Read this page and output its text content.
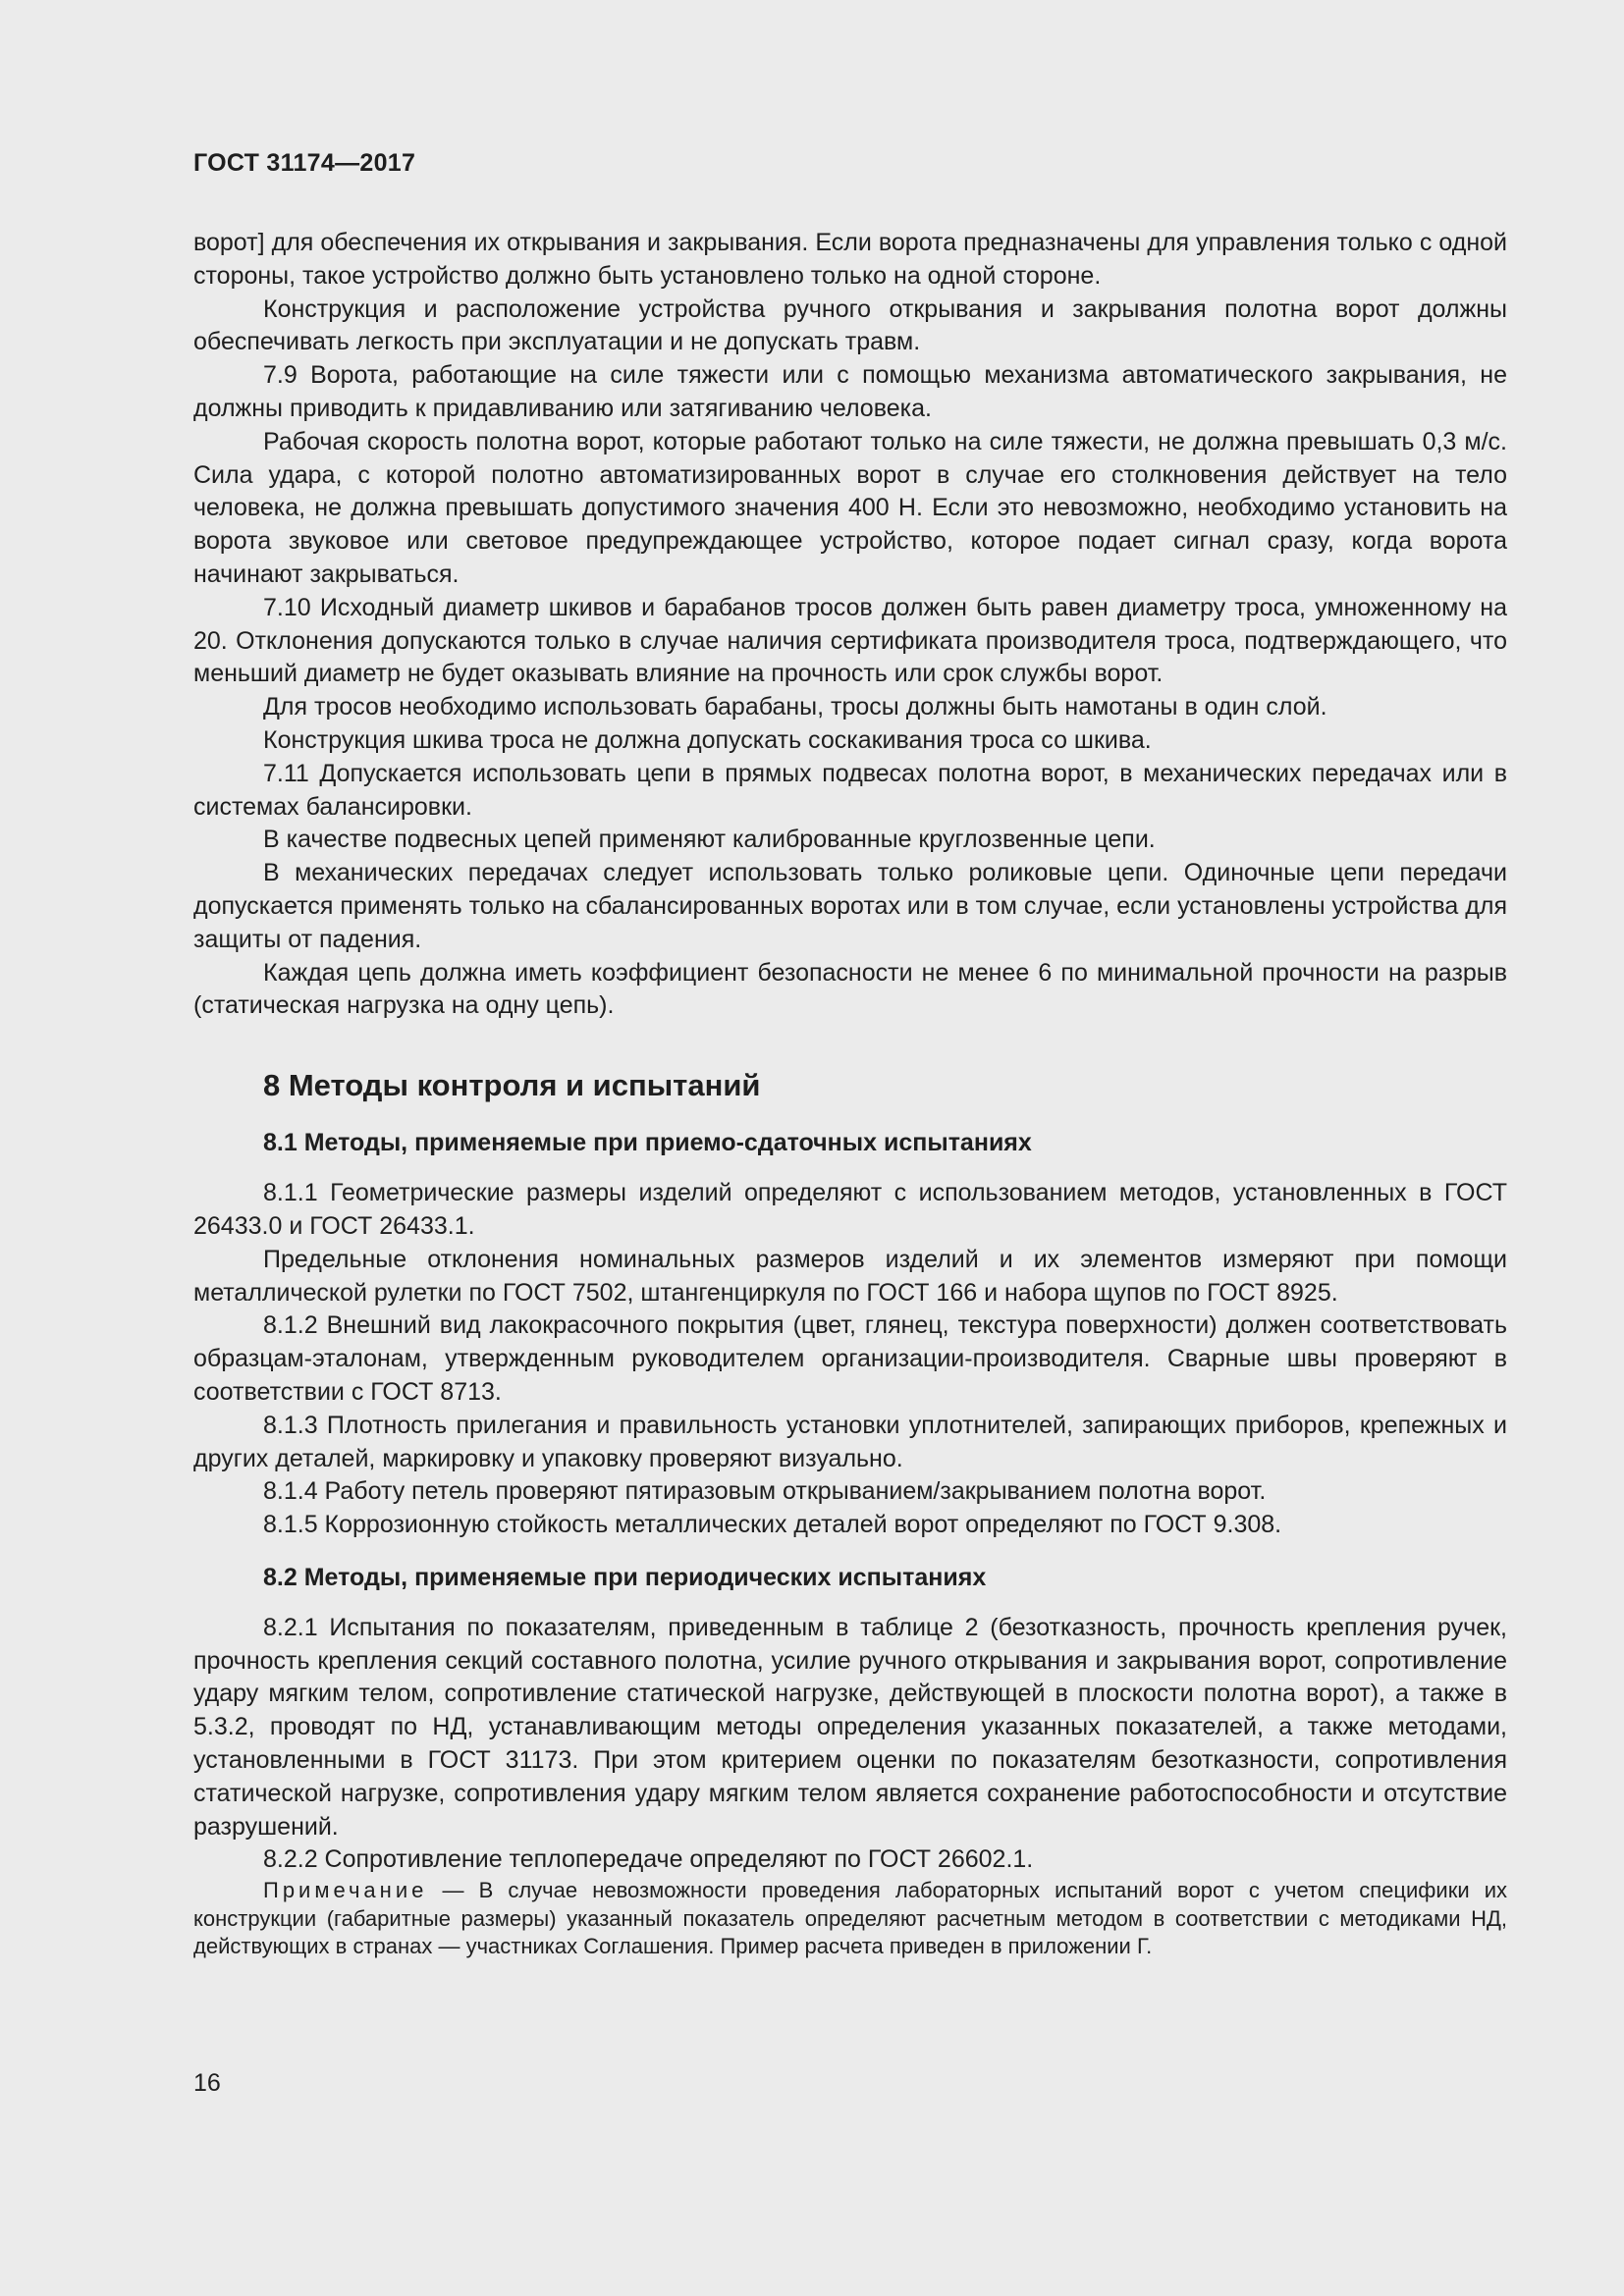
ГОСТ 31174—2017

ворот] для обеспечения их открывания и закрывания. Если ворота предназначены для управления только с одной стороны, такое устройство должно быть установлено только на одной стороне.

Конструкция и расположение устройства ручного открывания и закрывания полотна ворот должны обеспечивать легкость при эксплуатации и не допускать травм.

7.9 Ворота, работающие на силе тяжести или с помощью механизма автоматического закрывания, не должны приводить к придавливанию или затягиванию человека.

Рабочая скорость полотна ворот, которые работают только на силе тяжести, не должна превышать 0,3 м/с. Сила удара, с которой полотно автоматизированных ворот в случае его столкновения действует на тело человека, не должна превышать допустимого значения 400 Н. Если это невозможно, необходимо установить на ворота звуковое или световое предупреждающее устройство, которое подает сигнал сразу, когда ворота начинают закрываться.

7.10 Исходный диаметр шкивов и барабанов тросов должен быть равен диаметру троса, умноженному на 20. Отклонения допускаются только в случае наличия сертификата производителя троса, подтверждающего, что меньший диаметр не будет оказывать влияние на прочность или срок службы ворот.

Для тросов необходимо использовать барабаны, тросы должны быть намотаны в один слой.

Конструкция шкива троса не должна допускать соскакивания троса со шкива.

7.11 Допускается использовать цепи в прямых подвесах полотна ворот, в механических передачах или в системах балансировки.

В качестве подвесных цепей применяют калиброванные круглозвенные цепи.

В механических передачах следует использовать только роликовые цепи. Одиночные цепи передачи допускается применять только на сбалансированных воротах или в том случае, если установлены устройства для защиты от падения.

Каждая цепь должна иметь коэффициент безопасности не менее 6 по минимальной прочности на разрыв (статическая нагрузка на одну цепь).

8 Методы контроля и испытаний
8.1 Методы, применяемые при приемо-сдаточных испытаниях

8.1.1 Геометрические размеры изделий определяют с использованием методов, установленных в ГОСТ 26433.0 и ГОСТ 26433.1.

Предельные отклонения номинальных размеров изделий и их элементов измеряют при помощи металлической рулетки по ГОСТ 7502, штангенциркуля по ГОСТ 166 и набора щупов по ГОСТ 8925.

8.1.2 Внешний вид лакокрасочного покрытия (цвет, глянец, текстура поверхности) должен соответствовать образцам-эталонам, утвержденным руководителем организации-производителя. Сварные швы проверяют в соответствии с ГОСТ 8713.

8.1.3 Плотность прилегания и правильность установки уплотнителей, запирающих приборов, крепежных и других деталей, маркировку и упаковку проверяют визуально.

8.1.4 Работу петель проверяют пятиразовым открыванием/закрыванием полотна ворот.

8.1.5 Коррозионную стойкость металлических деталей ворот определяют по ГОСТ 9.308.

8.2 Методы, применяемые при периодических испытаниях

8.2.1 Испытания по показателям, приведенным в таблице 2 (безотказность, прочность крепления ручек, прочность крепления секций составного полотна, усилие ручного открывания и закрывания ворот, сопротивление удару мягким телом, сопротивление статической нагрузке, действующей в плоскости полотна ворот), а также в 5.3.2, проводят по НД, устанавливающим методы определения указанных показателей, а также методами, установленными в ГОСТ 31173. При этом критерием оценки по показателям безотказности, сопротивления статической нагрузке, сопротивления удару мягким телом является сохранение работоспособности и отсутствие разрушений.

8.2.2 Сопротивление теплопередаче определяют по ГОСТ 26602.1.

Примечание — В случае невозможности проведения лабораторных испытаний ворот с учетом специфики их конструкции (габаритные размеры) указанный показатель определяют расчетным методом в соответствии с методиками НД, действующих в странах — участниках Соглашения. Пример расчета приведен в приложении Г.

16
